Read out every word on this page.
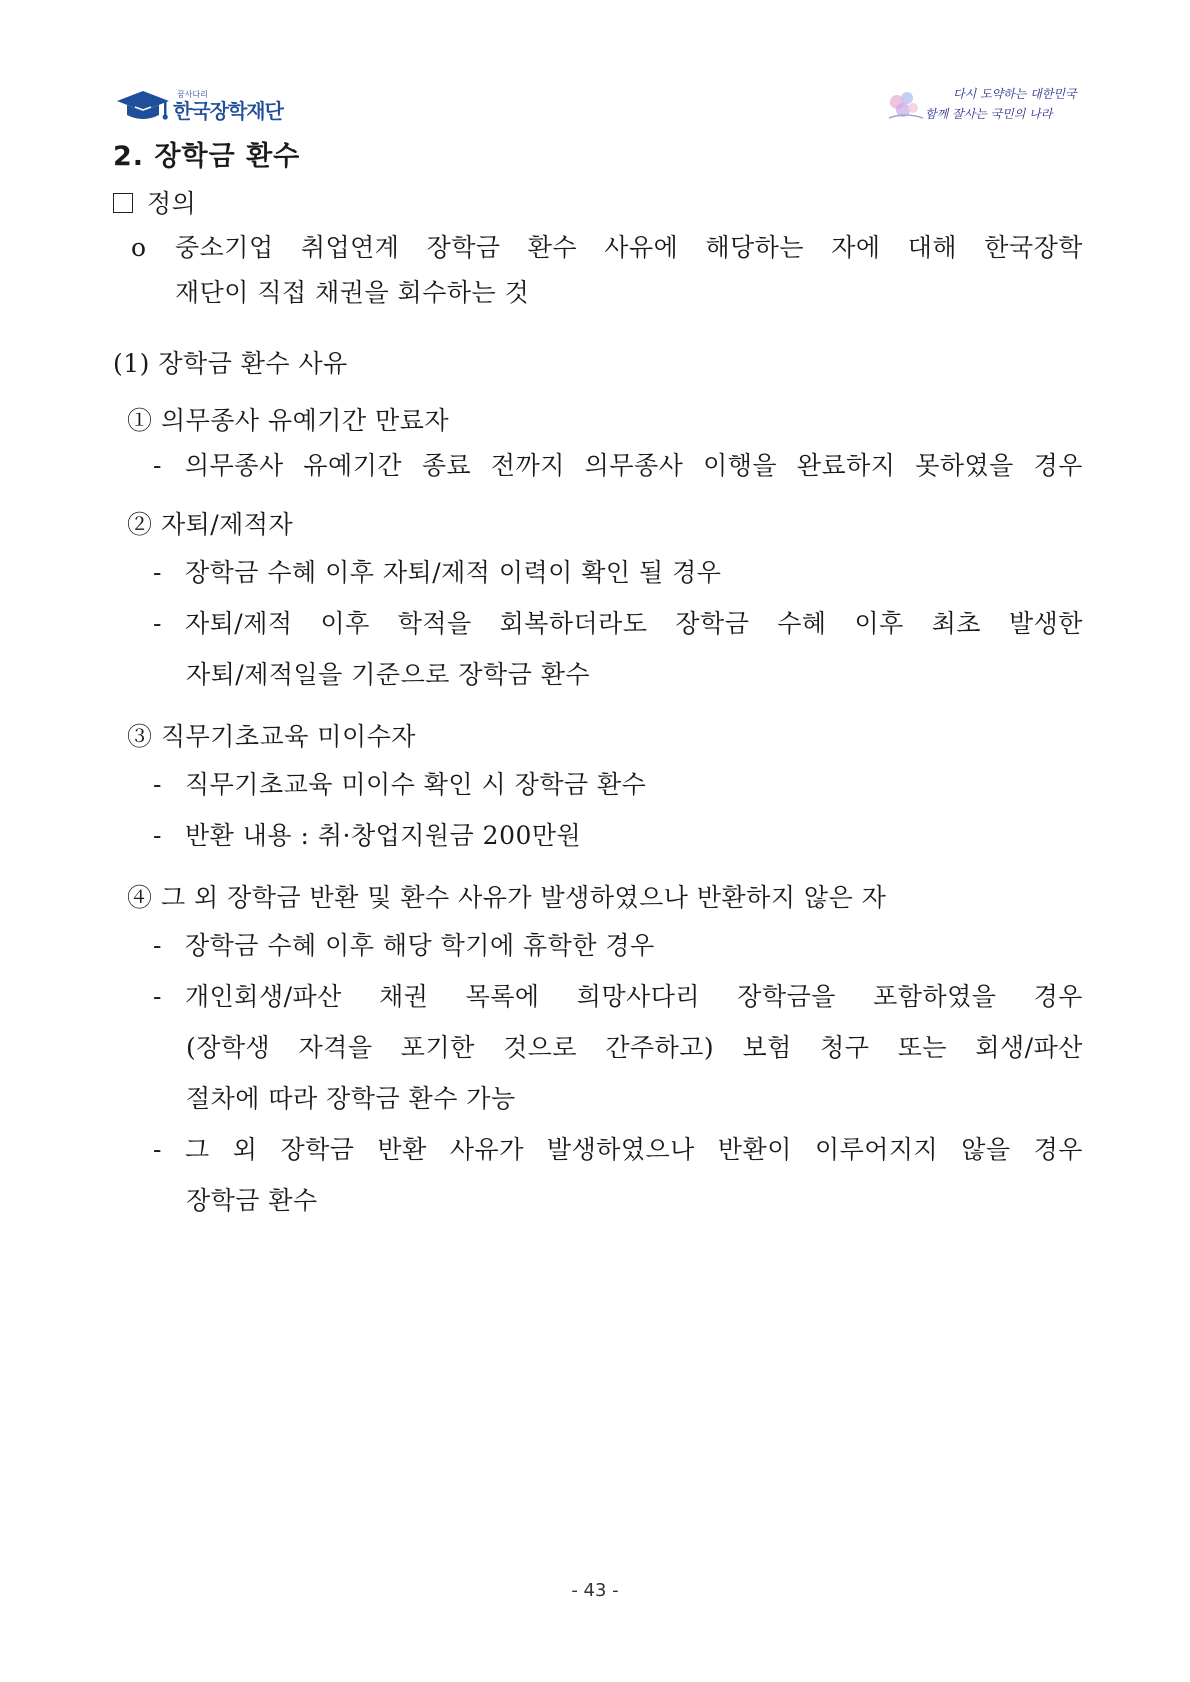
꿈사다리
한국장학재단
다시 도약하는 대한민국
함께 잘사는 국민의 나라
2. 장학금 환수
정의
o	중소기업 취업연계 장학금 환수 사유에 해당하는 자에 대해 한국장학
재단이 직접 채권을 회수하는 것
(1) 장학금 환수 사유
① 의무종사 유예기간 만료자
- 의무종사 유예기간 종료 전까지 의무종사 이행을 완료하지 못하였을 경우
② 자퇴/제적자
- 장학금 수혜 이후 자퇴/제적 이력이 확인 될 경우
- 자퇴/제적 이후 학적을 회복하더라도 장학금 수혜 이후 최초 발생한
자퇴/제적일을 기준으로 장학금 환수
③ 직무기초교육 미이수자
- 직무기초교육 미이수 확인 시 장학금 환수
- 반환 내용 : 취·창업지원금 200만원
④ 그 외 장학금 반환 및 환수 사유가 발생하였으나 반환하지 않은 자
- 장학금 수혜 이후 해당 학기에 휴학한 경우
- 개인회생/파산 채권 목록에 희망사다리 장학금을 포함하였을 경우
(장학생 자격을 포기한 것으로 간주하고) 보험 청구 또는 회생/파산
절차에 따라 장학금 환수 가능
- 그 외 장학금 반환 사유가 발생하였으나 반환이 이루어지지 않을 경우
장학금 환수
- 43 -
